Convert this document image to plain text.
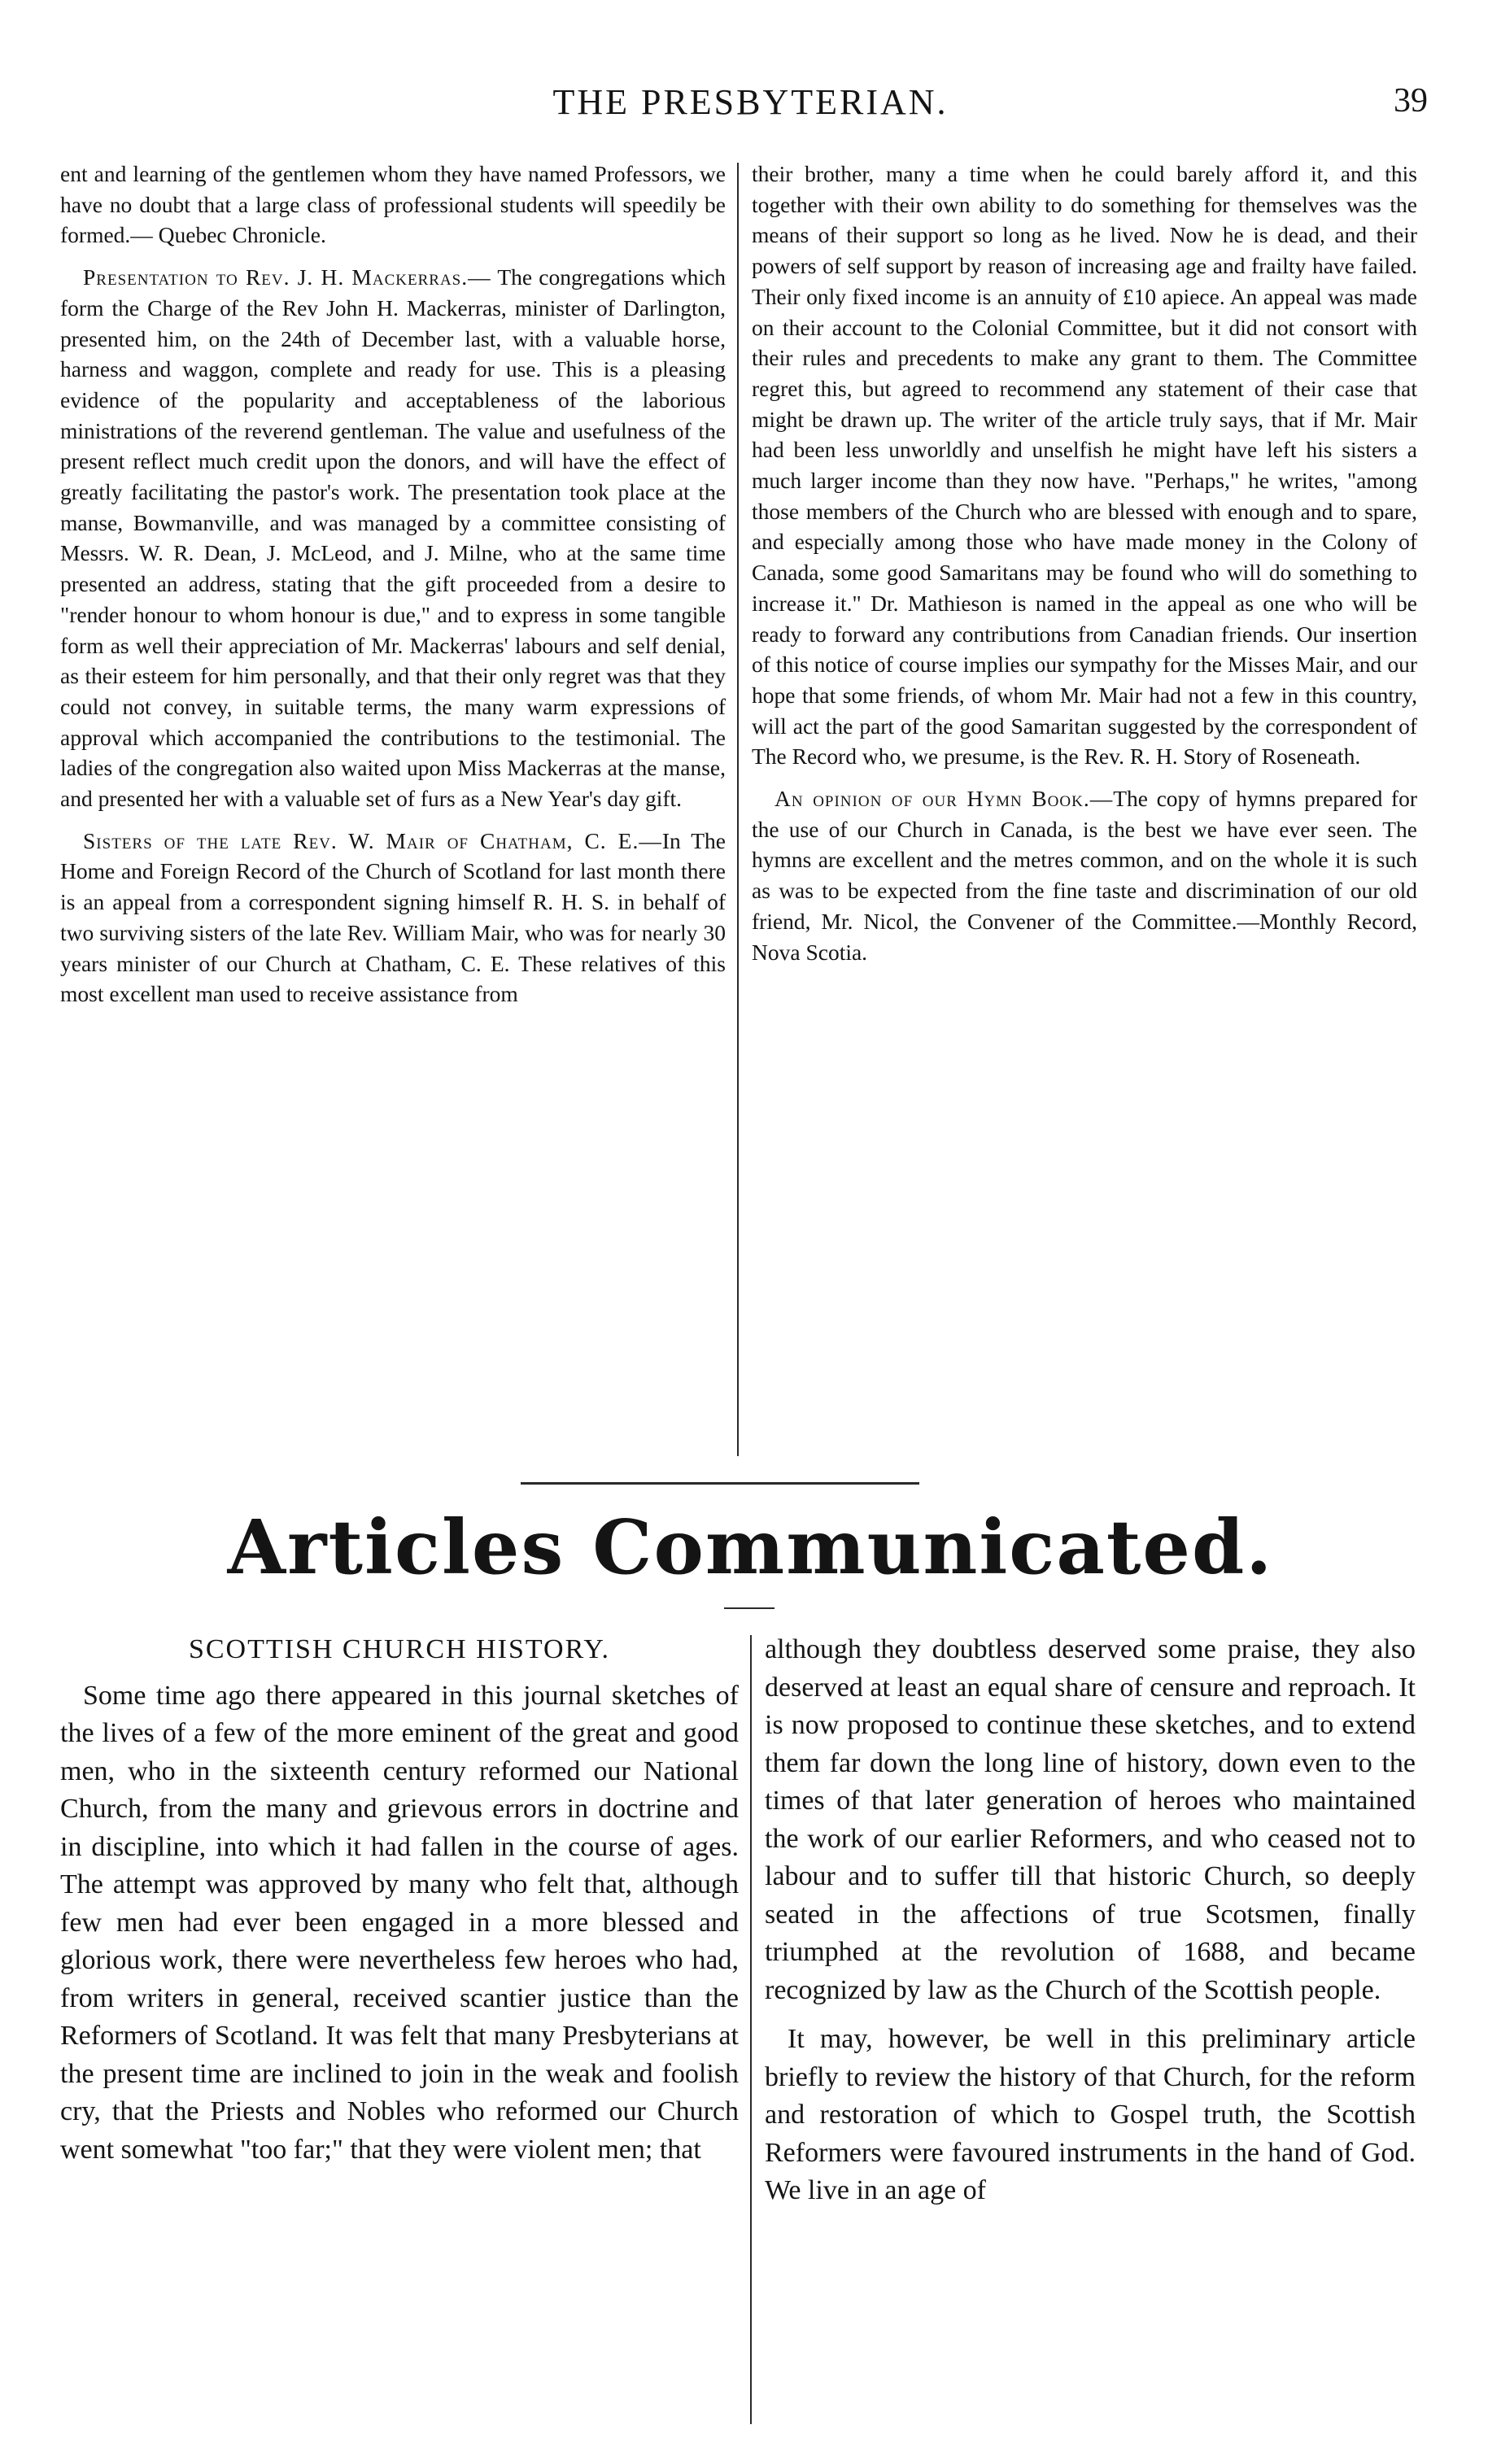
THE PRESBYTERIAN.	39

ent and learning of the gentlemen whom they have named Professors, we have no doubt that a large class of professional students will speedily be formed.— Quebec Chronicle.

Presentation to Rev. J. H. Mackerras.— The congregations which form the Charge of the Rev John H. Mackerras, minister of Darlington, presented him, on the 24th of December last, with a valuable horse, harness and waggon, complete and ready for use. This is a pleasing evidence of the popularity and acceptableness of the laborious ministrations of the reverend gentleman. The value and usefulness of the present reflect much credit upon the donors, and will have the effect of greatly facilitating the pastor's work. The presentation took place at the manse, Bowmanville, and was managed by a committee consisting of Messrs. W. R. Dean, J. McLeod, and J. Milne, who at the same time presented an address, stating that the gift proceeded from a desire to "render honour to whom honour is due," and to express in some tangible form as well their appreciation of Mr. Mackerras' labours and self denial, as their esteem for him personally, and that their only regret was that they could not convey, in suitable terms, the many warm expressions of approval which accompanied the contributions to the testimonial. The ladies of the congregation also waited upon Miss Mackerras at the manse, and presented her with a valuable set of furs as a New Year's day gift.

Sisters of the late Rev. W. Mair of Chatham, C. E.—In The Home and Foreign Record of the Church of Scotland for last month there is an appeal from a correspondent signing himself R. H. S. in behalf of two surviving sisters of the late Rev. William Mair, who was for nearly 30 years minister of our Church at Chatham, C. E. These relatives of this most excellent man used to receive assistance from

their brother, many a time when he could barely afford it, and this together with their own ability to do something for themselves was the means of their support so long as he lived. Now he is dead, and their powers of self support by reason of increasing age and frailty have failed. Their only fixed income is an annuity of £10 apiece. An appeal was made on their account to the Colonial Committee, but it did not consort with their rules and precedents to make any grant to them. The Committee regret this, but agreed to recommend any statement of their case that might be drawn up. The writer of the article truly says, that if Mr. Mair had been less unworldly and unselfish he might have left his sisters a much larger income than they now have. "Perhaps," he writes, "among those members of the Church who are blessed with enough and to spare, and especially among those who have made money in the Colony of Canada, some good Samaritans may be found who will do something to increase it." Dr. Mathieson is named in the appeal as one who will be ready to forward any contributions from Canadian friends. Our insertion of this notice of course implies our sympathy for the Misses Mair, and our hope that some friends, of whom Mr. Mair had not a few in this country, will act the part of the good Samaritan suggested by the correspondent of The Record who, we presume, is the Rev. R. H. Story of Roseneath.

An opinion of our Hymn Book.—The copy of hymns prepared for the use of our Church in Canada, is the best we have ever seen. The hymns are excellent and the metres common, and on the whole it is such as was to be expected from the fine taste and discrimination of our old friend, Mr. Nicol, the Convener of the Committee.—Monthly Record, Nova Scotia.

Articles Communicated.
SCOTTISH CHURCH HISTORY.

Some time ago there appeared in this journal sketches of the lives of a few of the more eminent of the great and good men, who in the sixteenth century reformed our National Church, from the many and grievous errors in doctrine and in discipline, into which it had fallen in the course of ages. The attempt was approved by many who felt that, although few men had ever been engaged in a more blessed and glorious work, there were nevertheless few heroes who had, from writers in general, received scantier justice than the Reformers of Scotland. It was felt that many Presbyterians at the present time are inclined to join in the weak and foolish cry, that the Priests and Nobles who reformed our Church went somewhat "too far;" that they were violent men; that

although they doubtless deserved some praise, they also deserved at least an equal share of censure and reproach. It is now proposed to continue these sketches, and to extend them far down the long line of history, down even to the times of that later generation of heroes who maintained the work of our earlier Reformers, and who ceased not to labour and to suffer till that historic Church, so deeply seated in the affections of true Scotsmen, finally triumphed at the revolution of 1688, and became recognized by law as the Church of the Scottish people.

It may, however, be well in this preliminary article briefly to review the history of that Church, for the reform and restoration of which to Gospel truth, the Scottish Reformers were favoured instruments in the hand of God. We live in an age of
